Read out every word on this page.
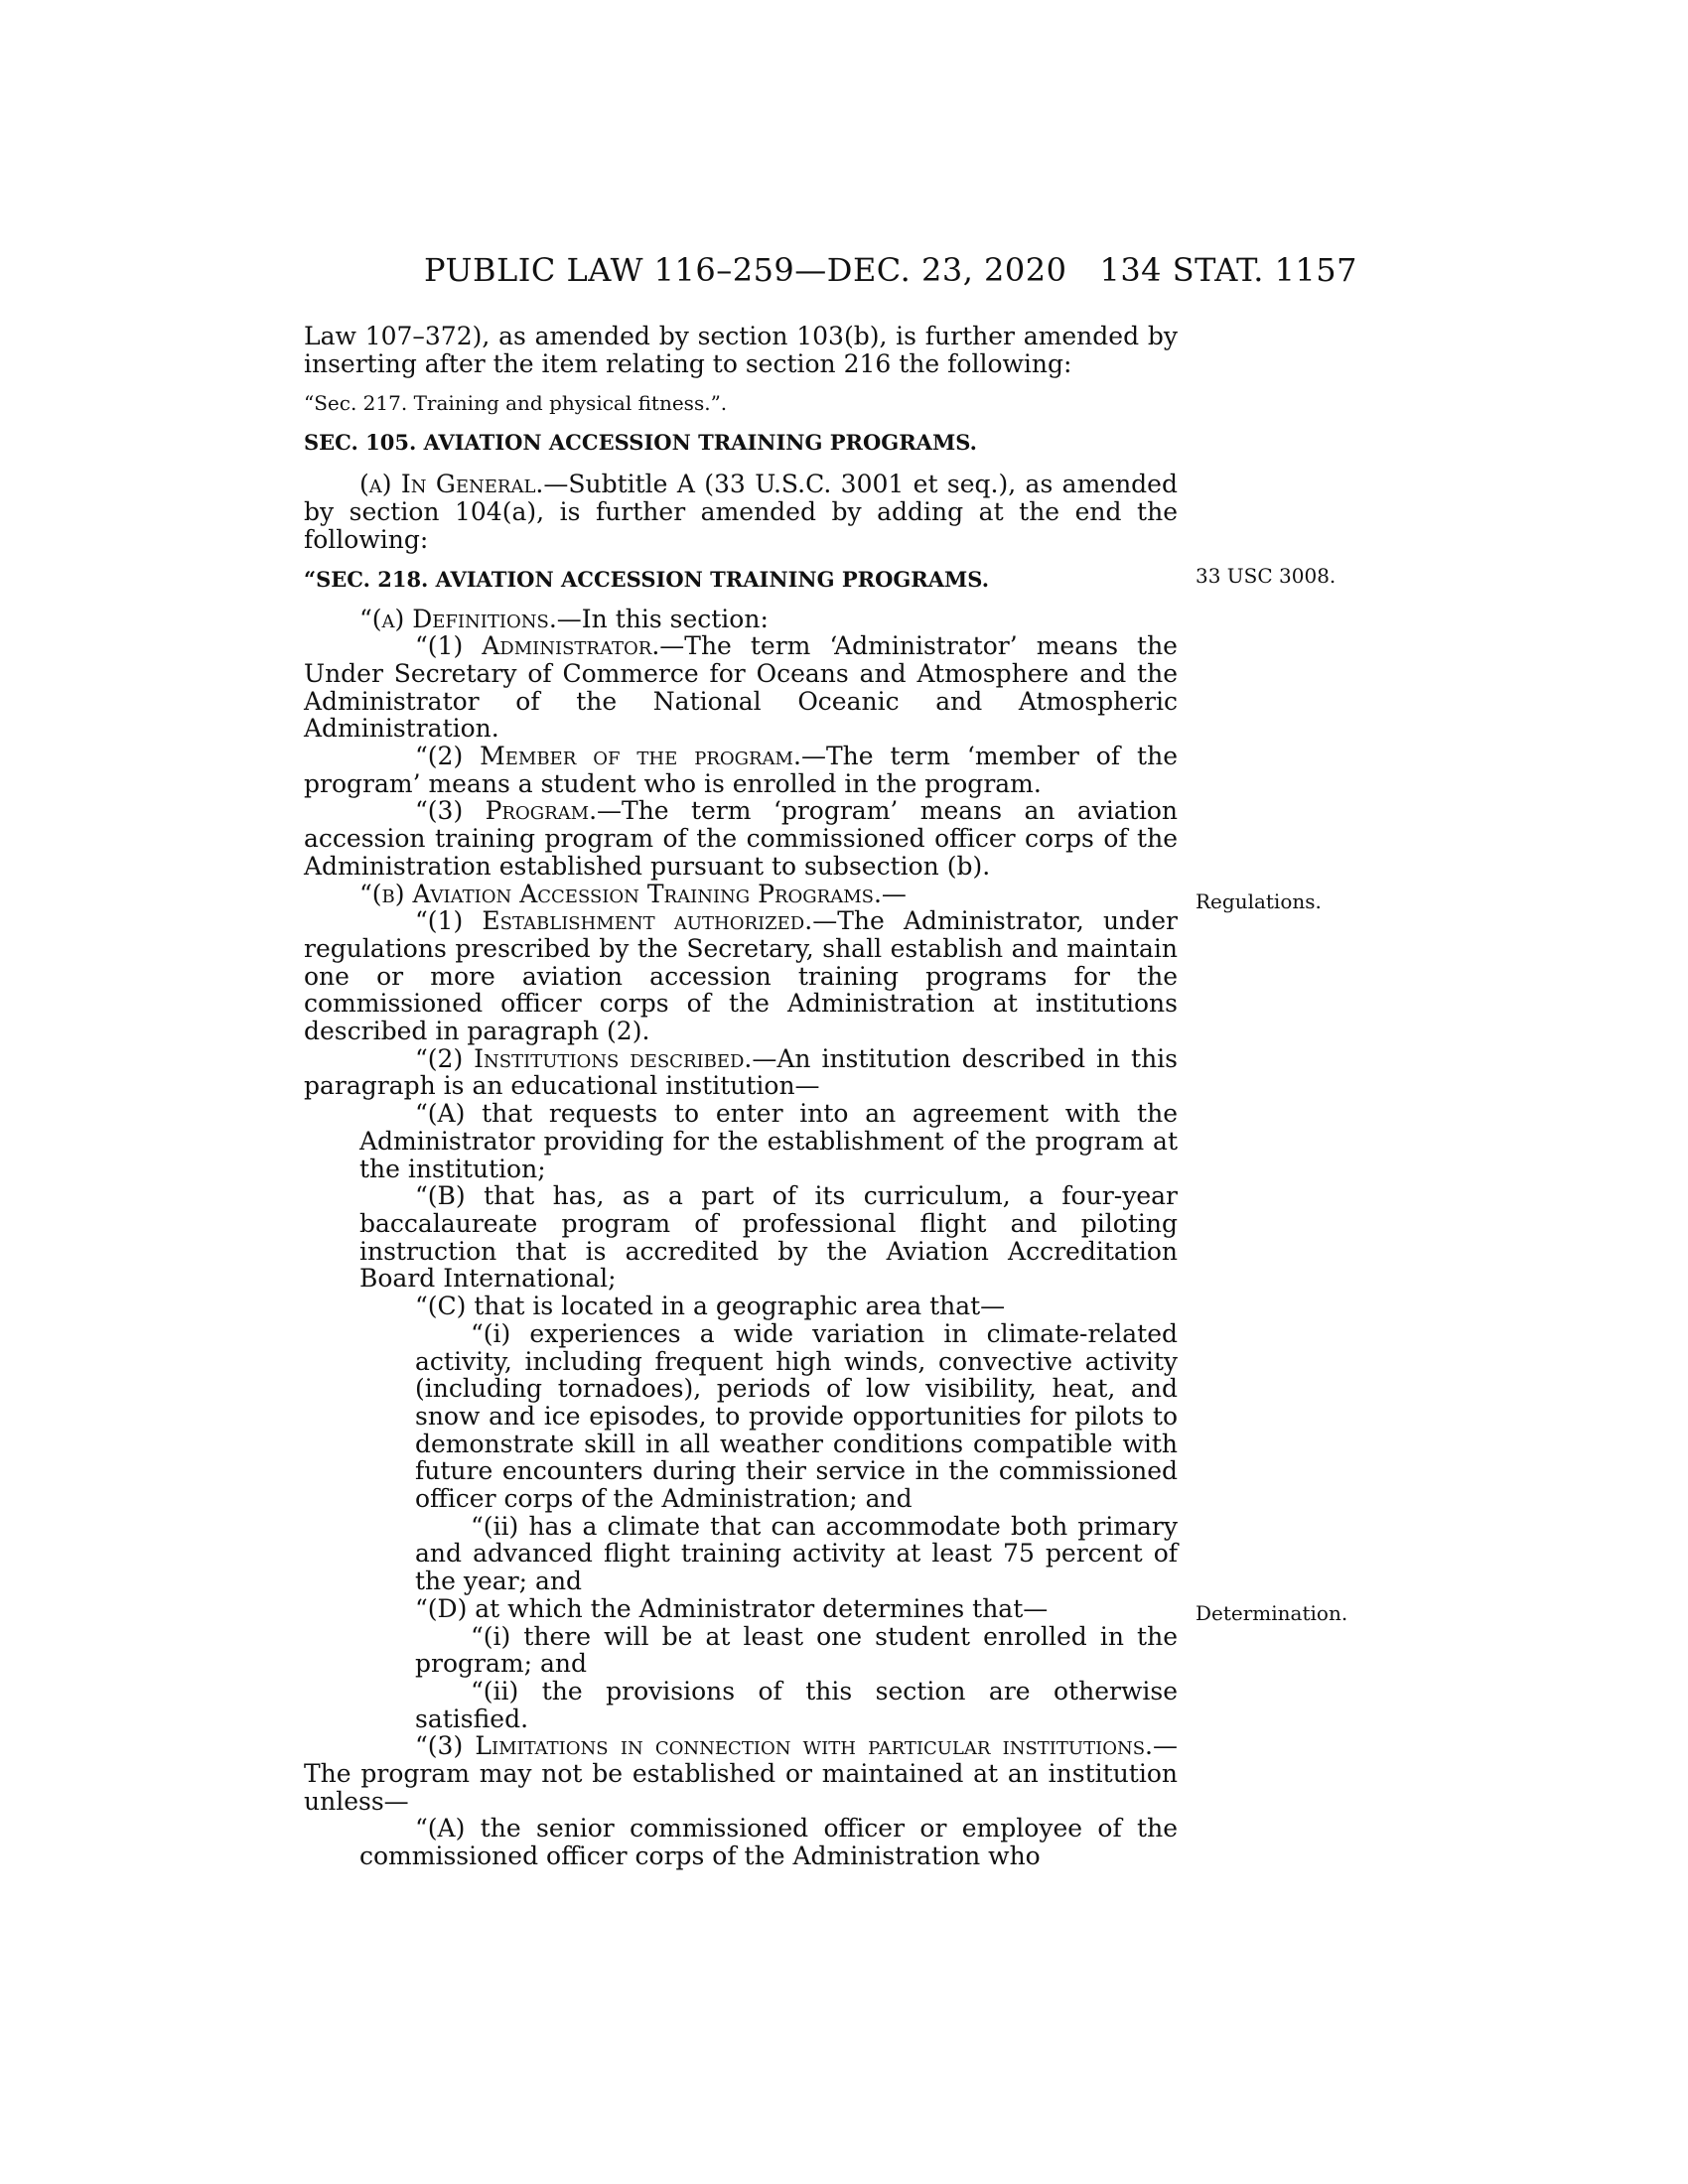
PUBLIC LAW 116–259—DEC. 23, 2020 134 STAT. 1157

Law 107–372), as amended by section 103(b), is further amended by inserting after the item relating to section 216 the following:

“Sec. 217. Training and physical fitness.”.

SEC. 105. AVIATION ACCESSION TRAINING PROGRAMS.

(a) In General.—Subtitle A (33 U.S.C. 3001 et seq.), as amended by section 104(a), is further amended by adding at the end the following:

“SEC. 218. AVIATION ACCESSION TRAINING PROGRAMS.

“(a) Definitions.—In this section:

“(1) Administrator.—The term ‘Administrator’ means the Under Secretary of Commerce for Oceans and Atmosphere and the Administrator of the National Oceanic and Atmospheric Administration.

“(2) Member of the program.—The term ‘member of the program’ means a student who is enrolled in the program.

“(3) Program.—The term ‘program’ means an aviation accession training program of the commissioned officer corps of the Administration established pursuant to subsection (b).

“(b) Aviation Accession Training Programs.—

“(1) Establishment authorized.—The Administrator, under regulations prescribed by the Secretary, shall establish and maintain one or more aviation accession training programs for the commissioned officer corps of the Administration at institutions described in paragraph (2).

“(2) Institutions described.—An institution described in this paragraph is an educational institution—

“(A) that requests to enter into an agreement with the Administrator providing for the establishment of the program at the institution;

“(B) that has, as a part of its curriculum, a four-year baccalaureate program of professional flight and piloting instruction that is accredited by the Aviation Accreditation Board International;

“(C) that is located in a geographic area that—

“(i) experiences a wide variation in climate-related activity, including frequent high winds, convective activity (including tornadoes), periods of low visibility, heat, and snow and ice episodes, to provide opportunities for pilots to demonstrate skill in all weather conditions compatible with future encounters during their service in the commissioned officer corps of the Administration; and

“(ii) has a climate that can accommodate both primary and advanced flight training activity at least 75 percent of the year; and

“(D) at which the Administrator determines that—

“(i) there will be at least one student enrolled in the program; and

“(ii) the provisions of this section are otherwise satisfied.

“(3) Limitations in connection with particular institutions.—The program may not be established or maintained at an institution unless—

“(A) the senior commissioned officer or employee of the commissioned officer corps of the Administration who

33 USC 3008.
Regulations.
Determination.
